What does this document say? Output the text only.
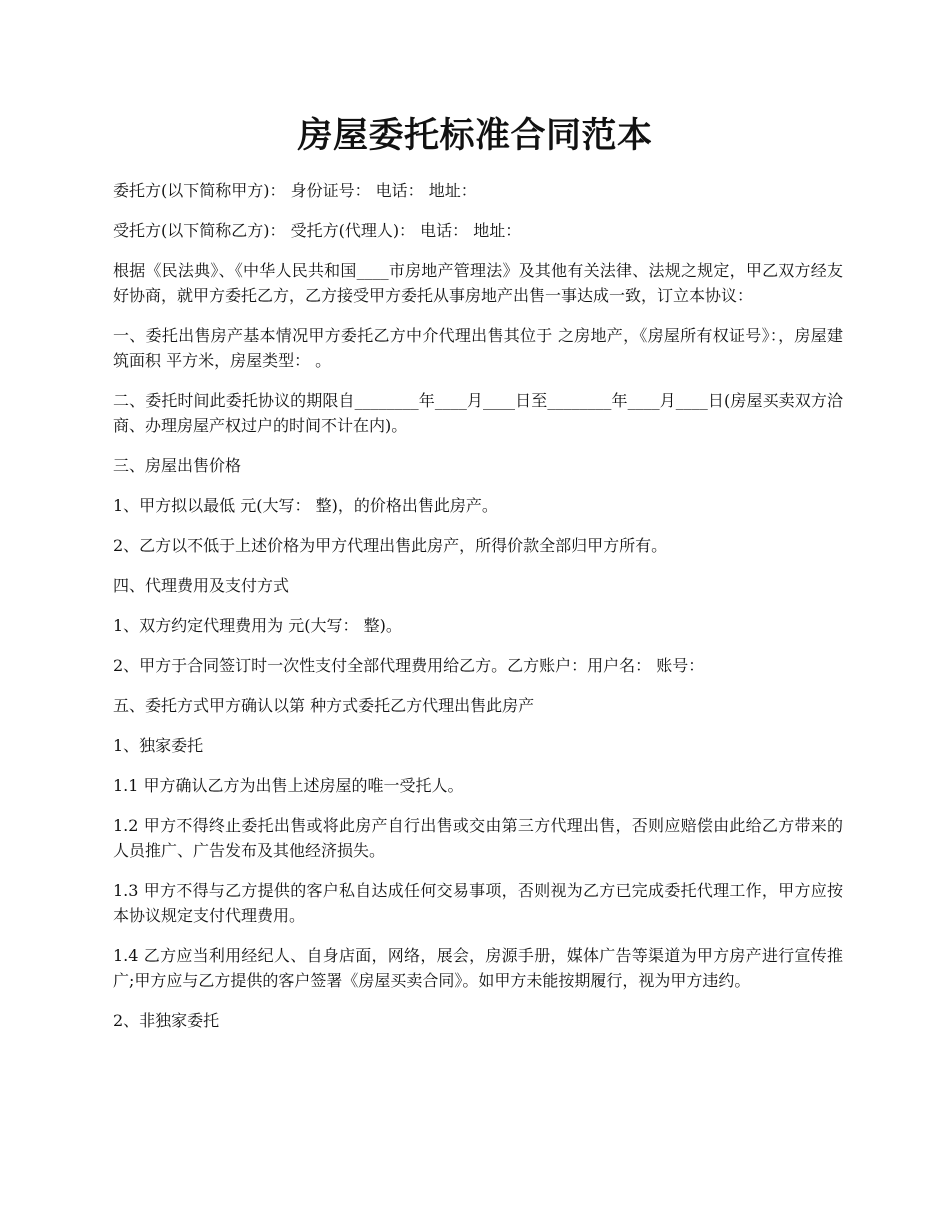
房屋委托标准合同范本

委托方(以下简称甲方)： 身份证号： 电话： 地址：

受托方(以下简称乙方)： 受托方(代理人)： 电话： 地址：

根据《民法典》、《中华人民共和国____市房地产管理法》及其他有关法律、法规之规定，甲乙双方经友好协商，就甲方委托乙方，乙方接受甲方委托从事房地产出售一事达成一致，订立本协议：

一、委托出售房产基本情况甲方委托乙方中介代理出售其位于 之房地产，《房屋所有权证号》：，房屋建筑面积 平方米，房屋类型： 。

二、委托时间此委托协议的期限自________年____月____日至________年____月____日(房屋买卖双方洽商、办理房屋产权过户的时间不计在内)。

三、房屋出售价格

1、甲方拟以最低 元(大写： 整)，的价格出售此房产。

2、乙方以不低于上述价格为甲方代理出售此房产，所得价款全部归甲方所有。

四、代理费用及支付方式

1、双方约定代理费用为 元(大写： 整)。

2、甲方于合同签订时一次性支付全部代理费用给乙方。乙方账户：用户名： 账号：

五、委托方式甲方确认以第 种方式委托乙方代理出售此房产

1、独家委托

1.1 甲方确认乙方为出售上述房屋的唯一受托人。

1.2 甲方不得终止委托出售或将此房产自行出售或交由第三方代理出售，否则应赔偿由此给乙方带来的人员推广、广告发布及其他经济损失。

1.3 甲方不得与乙方提供的客户私自达成任何交易事项，否则视为乙方已完成委托代理工作，甲方应按本协议规定支付代理费用。

1.4 乙方应当利用经纪人、自身店面，网络，展会，房源手册，媒体广告等渠道为甲方房产进行宣传推广;甲方应与乙方提供的客户签署《房屋买卖合同》。如甲方未能按期履行，视为甲方违约。

2、非独家委托
